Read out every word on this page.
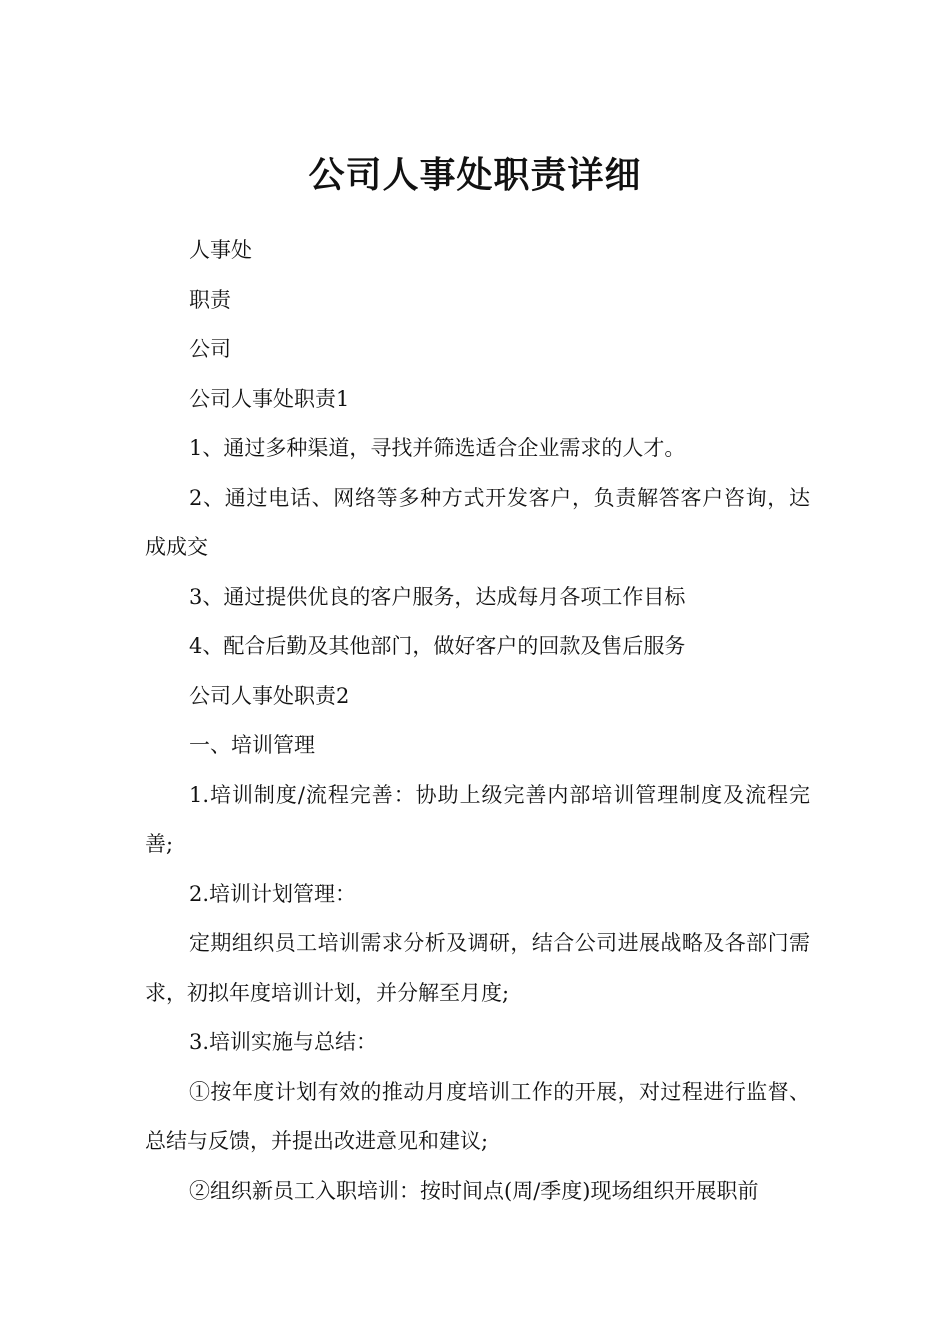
公司人事处职责详细

人事处

职责

公司

公司人事处职责1

1、通过多种渠道，寻找并筛选适合企业需求的人才。

2、通过电话、网络等多种方式开发客户，负责解答客户咨询，达成成交

3、通过提供优良的客户服务，达成每月各项工作目标

4、配合后勤及其他部门，做好客户的回款及售后服务

公司人事处职责2

一、培训管理

1.培训制度/流程完善：协助上级完善内部培训管理制度及流程完善;

2.培训计划管理：

定期组织员工培训需求分析及调研，结合公司进展战略及各部门需求，初拟年度培训计划，并分解至月度;

3.培训实施与总结：

①按年度计划有效的推动月度培训工作的开展，对过程进行监督、总结与反馈，并提出改进意见和建议;

②组织新员工入职培训：按时间点(周/季度)现场组织开展职前
